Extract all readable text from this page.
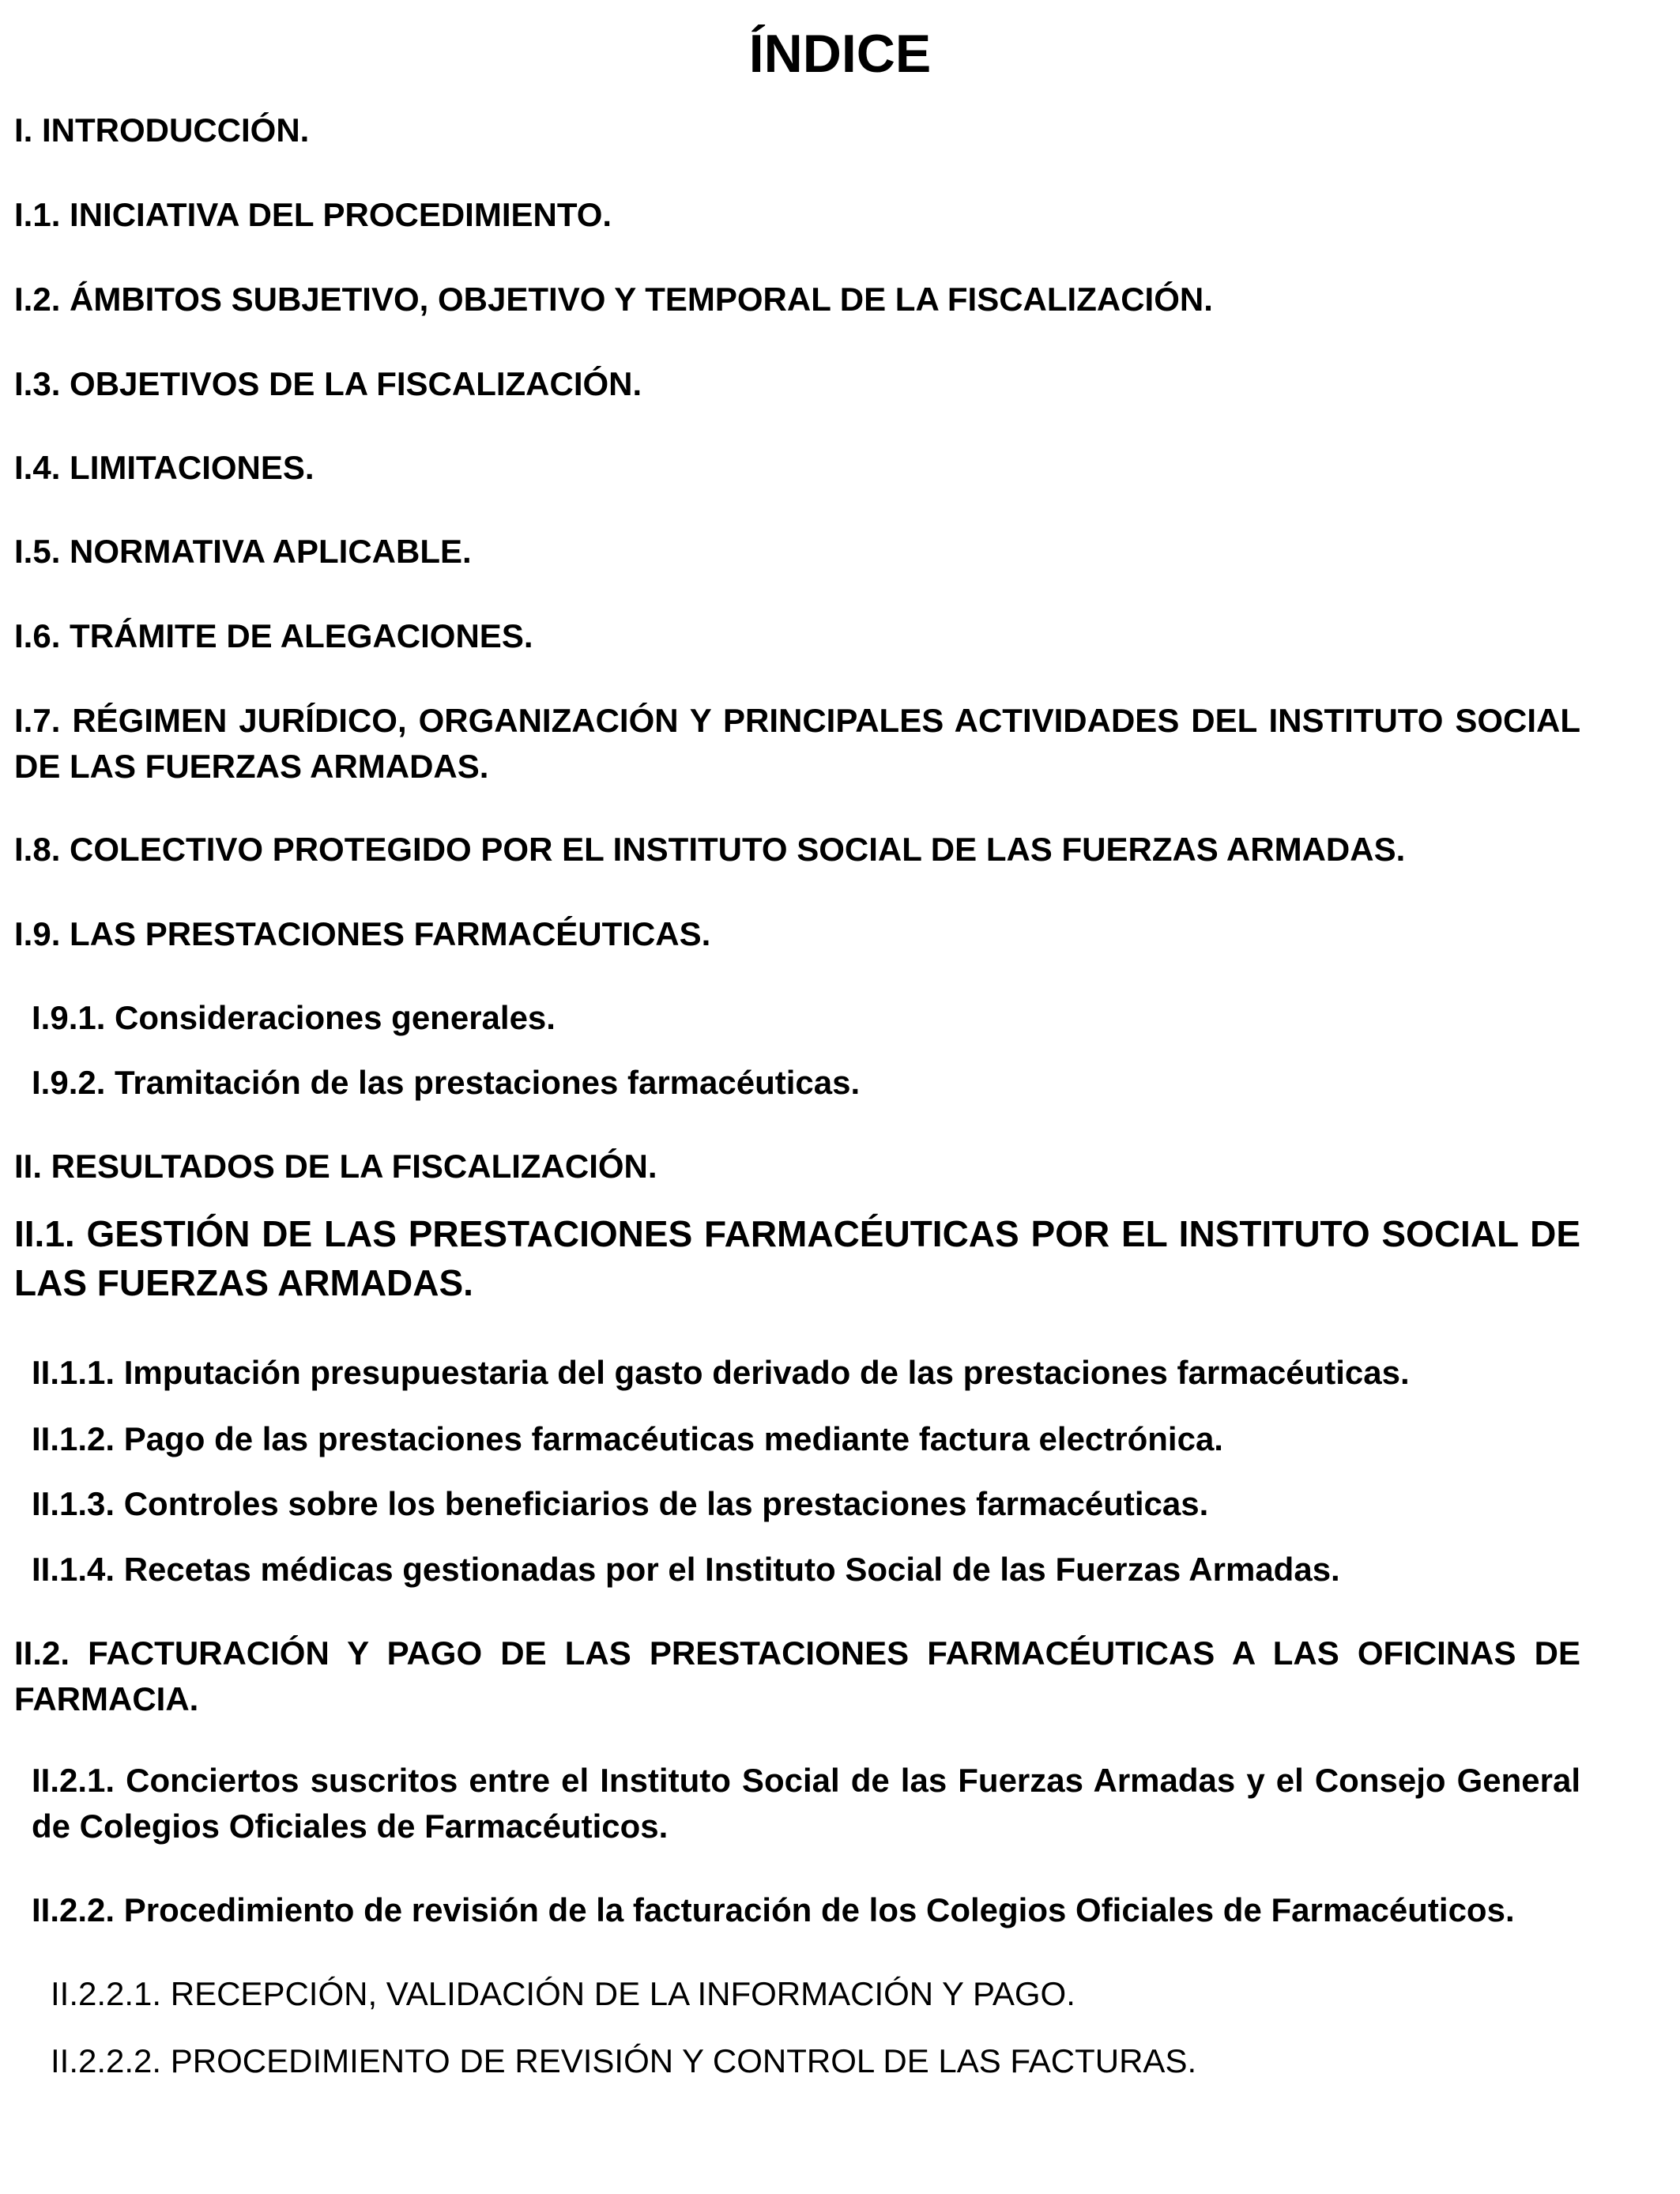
ÍNDICE

I. INTRODUCCIÓN.

I.1. INICIATIVA DEL PROCEDIMIENTO.

I.2. ÁMBITOS SUBJETIVO, OBJETIVO Y TEMPORAL DE LA FISCALIZACIÓN.

I.3. OBJETIVOS DE LA FISCALIZACIÓN.

I.4. LIMITACIONES.

I.5. NORMATIVA APLICABLE.

I.6. TRÁMITE DE ALEGACIONES.

I.7. RÉGIMEN JURÍDICO, ORGANIZACIÓN Y PRINCIPALES ACTIVIDADES DEL INSTITUTO SOCIAL DE LAS FUERZAS ARMADAS.

I.8. COLECTIVO PROTEGIDO POR EL INSTITUTO SOCIAL DE LAS FUERZAS ARMADAS.

I.9. LAS PRESTACIONES FARMACÉUTICAS.

I.9.1. Consideraciones generales.

I.9.2. Tramitación de las prestaciones farmacéuticas.

II. RESULTADOS DE LA FISCALIZACIÓN.

II.1. GESTIÓN DE LAS PRESTACIONES FARMACÉUTICAS POR EL INSTITUTO SOCIAL DE LAS FUERZAS ARMADAS.

II.1.1. Imputación presupuestaria del gasto derivado de las prestaciones farmacéuticas.

II.1.2. Pago de las prestaciones farmacéuticas mediante factura electrónica.

II.1.3. Controles sobre los beneficiarios de las prestaciones farmacéuticas.

II.1.4. Recetas médicas gestionadas por el Instituto Social de las Fuerzas Armadas.

II.2. FACTURACIÓN Y PAGO DE LAS PRESTACIONES FARMACÉUTICAS A LAS OFICINAS DE FARMACIA.

II.2.1. Conciertos suscritos entre el Instituto Social de las Fuerzas Armadas y el Consejo General de Colegios Oficiales de Farmacéuticos.

II.2.2. Procedimiento de revisión de la facturación de los Colegios Oficiales de Farmacéuticos.

II.2.2.1. RECEPCIÓN, VALIDACIÓN DE LA INFORMACIÓN Y PAGO.

II.2.2.2. PROCEDIMIENTO DE REVISIÓN Y CONTROL DE LAS FACTURAS.
